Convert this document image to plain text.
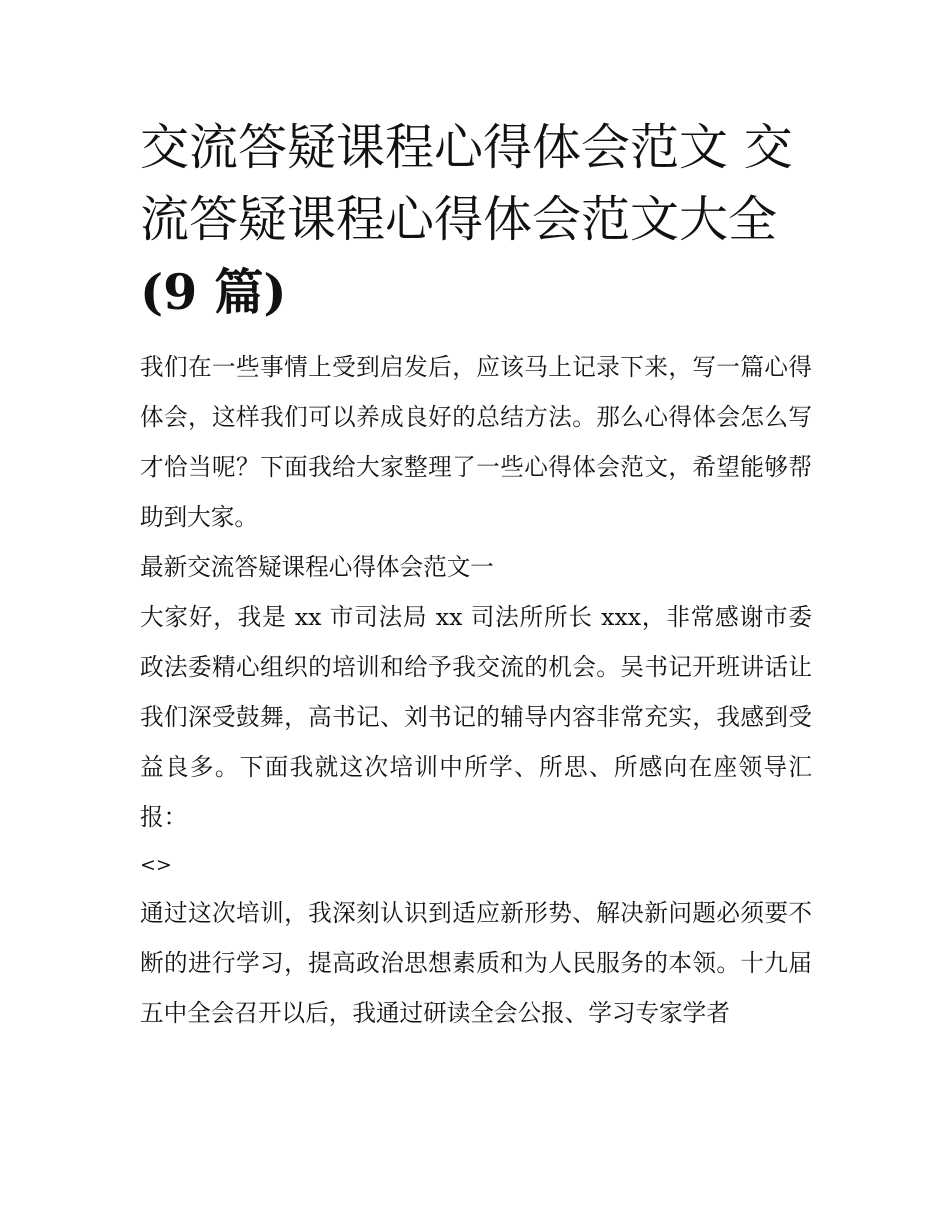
交流答疑课程心得体会范文 交
流答疑课程心得体会范文大全
(9 篇)

我们在一些事情上受到启发后，应该马上记录下来，写一篇心得体会，这样我们可以养成良好的总结方法。那么心得体会怎么写才恰当呢？下面我给大家整理了一些心得体会范文，希望能够帮助到大家。

最新交流答疑课程心得体会范文一

大家好，我是 xx 市司法局 xx 司法所所长 xxx，非常感谢市委政法委精心组织的培训和给予我交流的机会。吴书记开班讲话让我们深受鼓舞，高书记、刘书记的辅导内容非常充实，我感到受益良多。下面我就这次培训中所学、所思、所感向在座领导汇报：

<>

通过这次培训，我深刻认识到适应新形势、解决新问题必须要不断的进行学习，提高政治思想素质和为人民服务的本领。十九届五中全会召开以后，我通过研读全会公报、学习专家学者
